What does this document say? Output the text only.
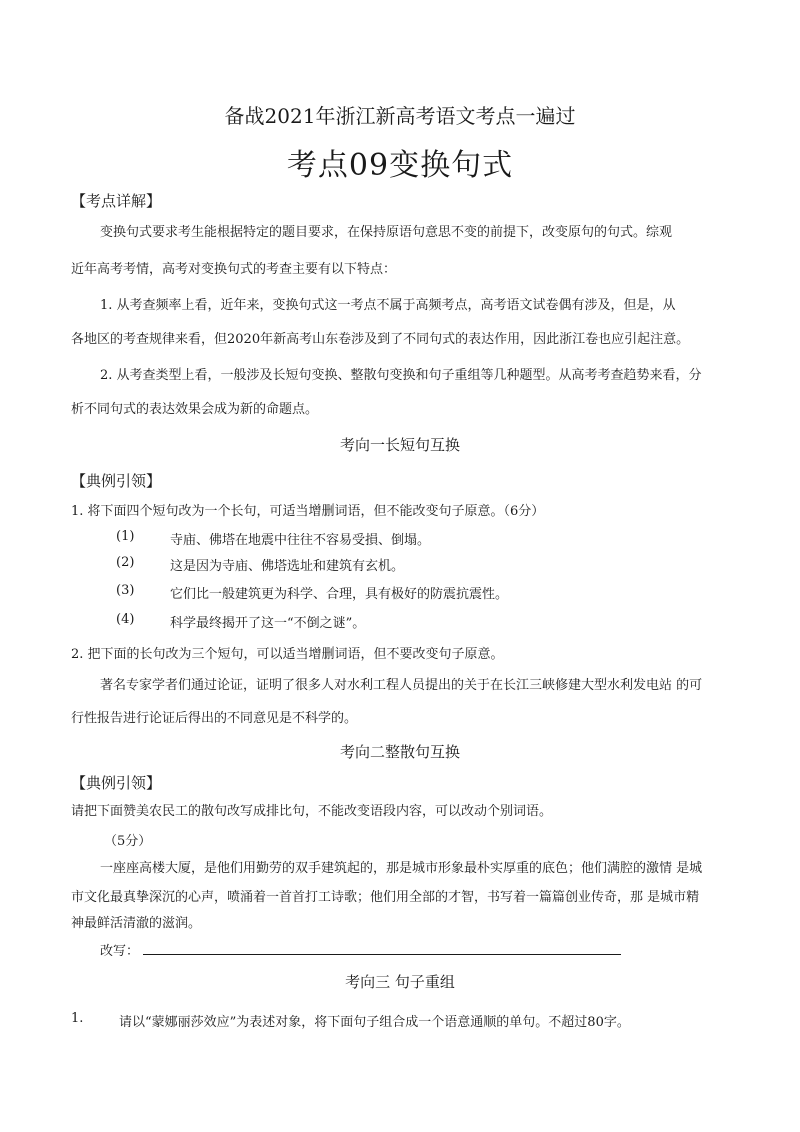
备战2021年浙江新高考语文考点一遍过
考点09变换句式
【考点详解】
变换句式要求考生能根据特定的题目要求，在保持原语句意思不变的前提下，改变原句的句式。综观
近年高考考情，高考对变换句式的考查主要有以下特点：
1. 从考查频率上看，近年来，变换句式这一考点不属于高频考点，高考语文试卷偶有涉及，但是，从
各地区的考查规律来看，但2020年新高考山东卷涉及到了不同句式的表达作用，因此浙江卷也应引起注意。
2. 从考查类型上看，一般涉及长短句变换、整散句变换和句子重组等几种题型。从高考考查趋势来看，分
析不同句式的表达效果会成为新的命题点。
考向一长短句互换
【典例引领】
1. 将下面四个短句改为一个长句，可适当增删词语，但不能改变句子原意。（6分）
(1)	寺庙、佛塔在地震中往往不容易受損、倒塌。
(2)	这是因为寺庙、佛塔选址和建筑有玄机。
(3)	它们比一般建筑更为科学、合理，具有极好的防震抗震性。
(4)	科学最终揭开了这一“不倒之谜”。
2. 把下面的长句改为三个短句，可以适当增删词语，但不要改变句子原意。
著名专家学者们通过论证，证明了很多人对水利工程人员提出的关于在长江三峡修建大型水利发电站 的可
行性报告进行论证后得出的不同意见是不科学的。
考向二整散句互换
【典例引领】
请把下面赞美农民工的散句改写成排比句，不能改变语段内容，可以改动个别词语。
（5分）
一座座高楼大厦，是他们用勤劳的双手建筑起的，那是城市形象最朴实厚重的底色；他们满腔的激情 是城
市文化最真挚深沉的心声，喷涌着一首首打工诗歌；他们用全部的才智，书写着一篇篇创业传奇，那 是城市精
神最鲜活清澈的滋润。
改写：
考向三 句子重组
1.	请以“蒙娜丽莎效应”为表述对象，将下面句子组合成一个语意通顺的单句。不超过80字。
